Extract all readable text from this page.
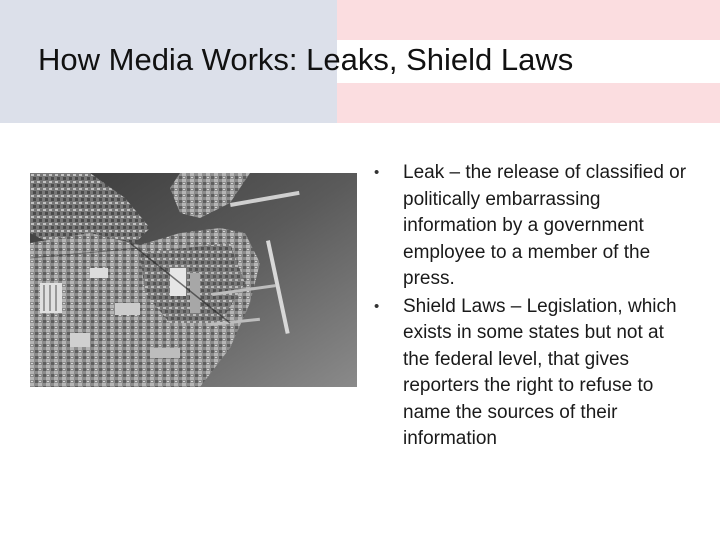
How Media Works: Leaks, Shield Laws
•	Leak – the release of classified or politically embarrassing information by a government employee to a member of the press.
•	Shield Laws – Legislation, which exists in some states but not at the federal level, that gives reporters the right to refuse to name the sources of their information
